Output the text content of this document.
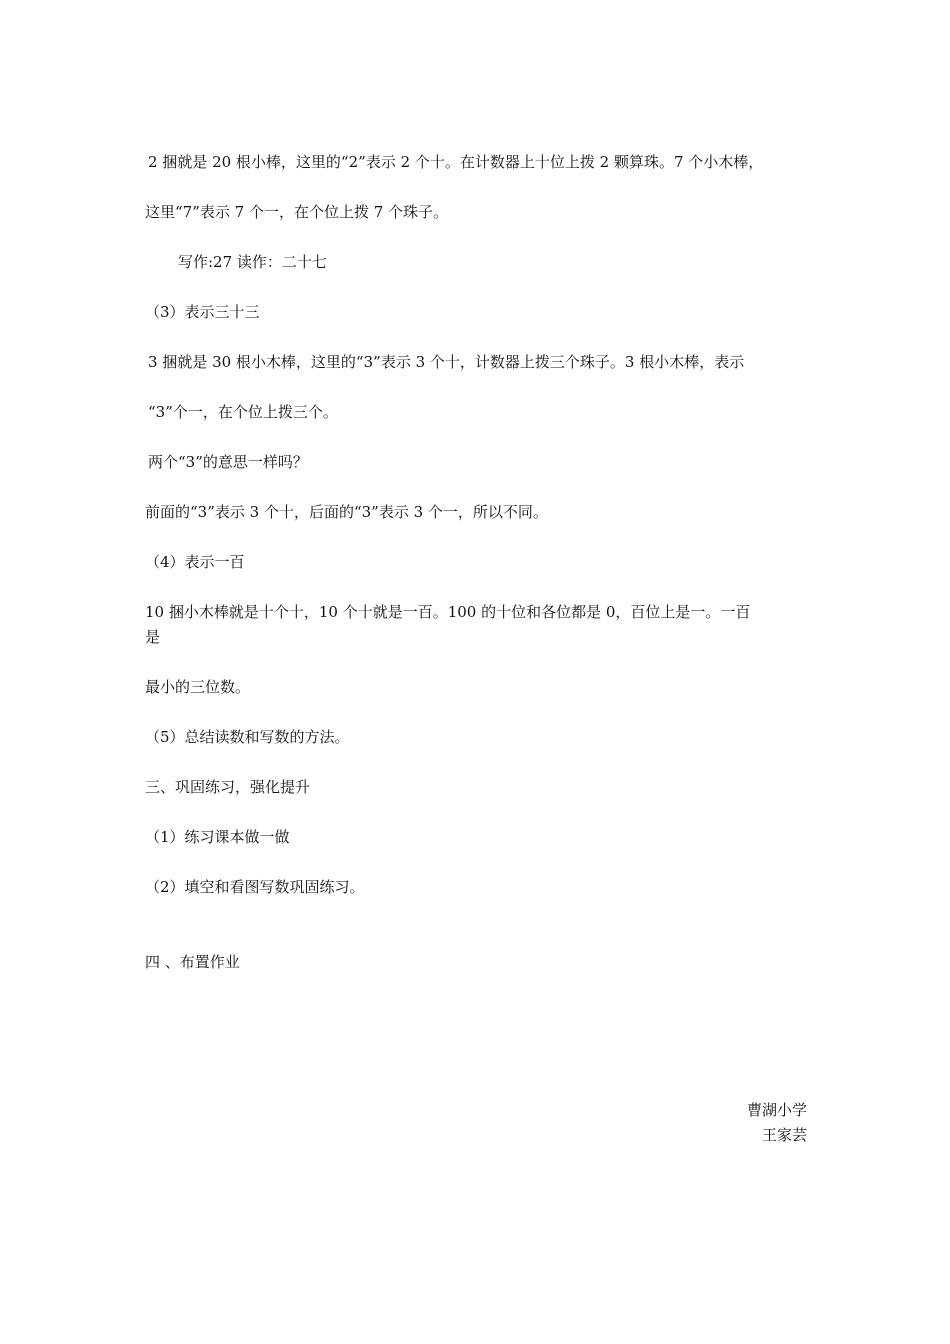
2 捆就是 20 根小棒，这里的“2”表示 2 个十。在计数器上十位上拨 2 颗算珠。7 个小木棒，
这里“7”表示 7 个一，在个位上拨 7 个珠子。
写作:27 读作：二十七
（3）表示三十三
3 捆就是 30 根小木棒，这里的“3”表示 3 个十，计数器上拨三个珠子。3 根小木棒，表示
“3”个一，在个位上拨三个。
两个“3”的意思一样吗？
前面的“3”表示 3 个十，后面的“3”表示 3 个一，所以不同。
（4）表示一百
10 捆小木棒就是十个十，10 个十就是一百。100 的十位和各位都是 0，百位上是一。一百
是
最小的三位数。
（5）总结读数和写数的方法。
三、巩固练习，强化提升
（1）练习课本做一做
（2）填空和看图写数巩固练习。
四 、布置作业
曹湖小学
王家芸
